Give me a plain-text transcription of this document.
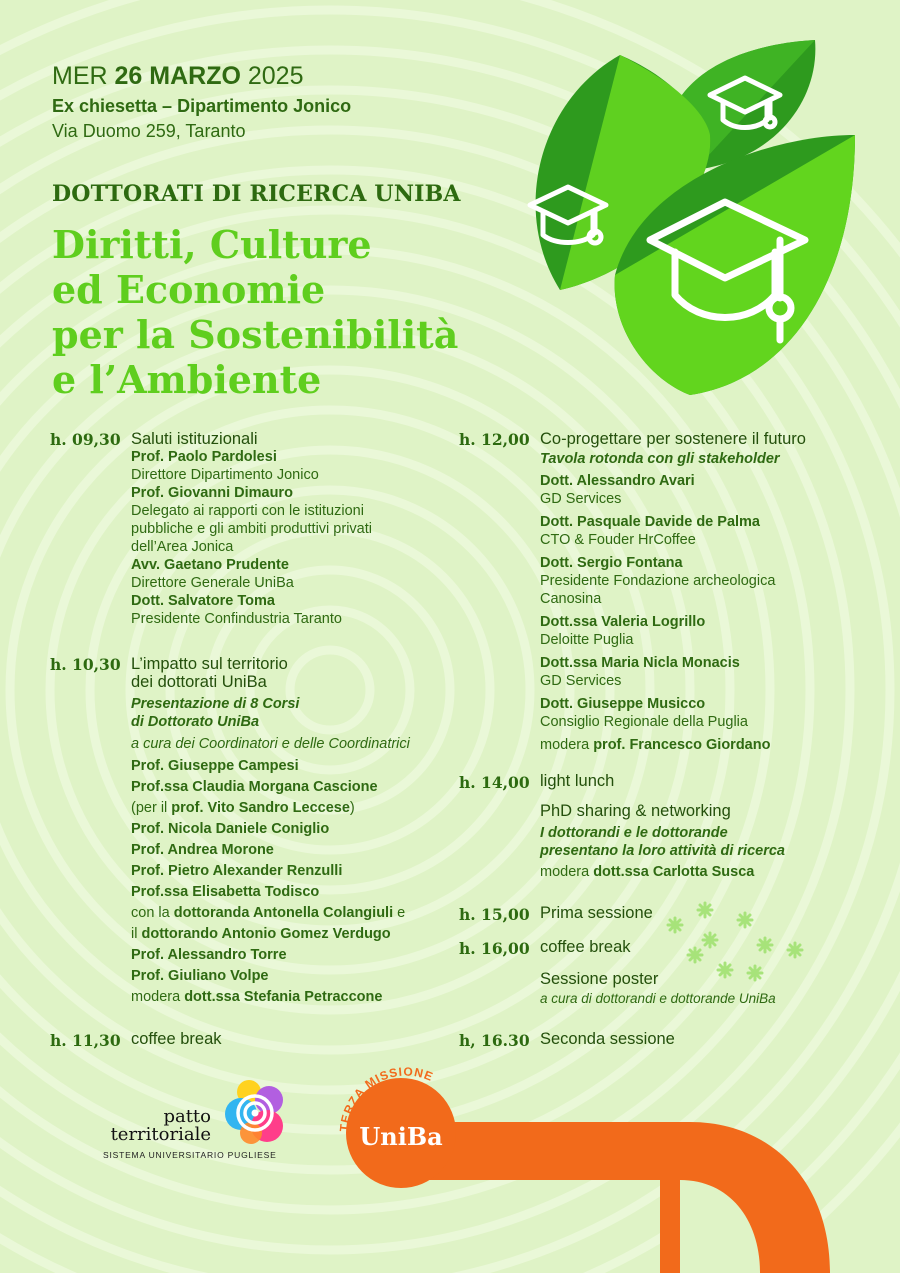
MER 26 MARZO 2025
Ex chiesetta – Dipartimento Jonico
Via Duomo 259, Taranto
DOTTORATI DI RICERCA UNIBA
Diritti, Culture
ed Economie
per la Sostenibilità
e l’Ambiente
h. 09,30 Saluti istituzionali
Prof. Paolo Pardolesi
Direttore Dipartimento Jonico
Prof. Giovanni Dimauro
Delegato ai rapporti con le istituzioni
pubbliche e gli ambiti produttivi privati
dell’Area Jonica
Avv. Gaetano Prudente
Direttore Generale UniBa
Dott. Salvatore Toma
Presidente Confindustria Taranto
h. 10,30 L’impatto sul territorio
dei dottorati UniBa
Presentazione di 8 Corsi
di Dottorato UniBa
a cura dei Coordinatori e delle Coordinatrici
Prof. Giuseppe Campesi
Prof.ssa Claudia Morgana Cascione
(per il prof. Vito Sandro Leccese)
Prof. Nicola Daniele Coniglio
Prof. Andrea Morone
Prof. Pietro Alexander Renzulli
Prof.ssa Elisabetta Todisco
con la dottoranda Antonella Colangiuli e
il dottorando Antonio Gomez Verdugo
Prof. Alessandro Torre
Prof. Giuliano Volpe
modera dott.ssa Stefania Petraccone
h. 11,30 coffee break
h. 12,00 Co-progettare per sostenere il futuro
Tavola rotonda con gli stakeholder
Dott. Alessandro Avari
GD Services
Dott. Pasquale Davide de Palma
CTO & Fouder HrCoffee
Dott. Sergio Fontana
Presidente Fondazione archeologica
Canosina
Dott.ssa Valeria Logrillo
Deloitte Puglia
Dott.ssa Maria Nicla Monacis
GD Services
Dott. Giuseppe Musicco
Consiglio Regionale della Puglia
modera prof. Francesco Giordano
h. 14,00 light lunch
PhD sharing & networking
I dottorandi e le dottorande
presentano la loro attività di ricerca
modera dott.ssa Carlotta Susca
h. 15,00 Prima sessione
h. 16,00 coffee break
Sessione poster
a cura di dottorandi e dottorande UniBa
h, 16.30 Seconda sessione
patto
territoriale
SISTEMA UNIVERSITARIO PUGLIESE
TERZA MISSIONE
UniBa
